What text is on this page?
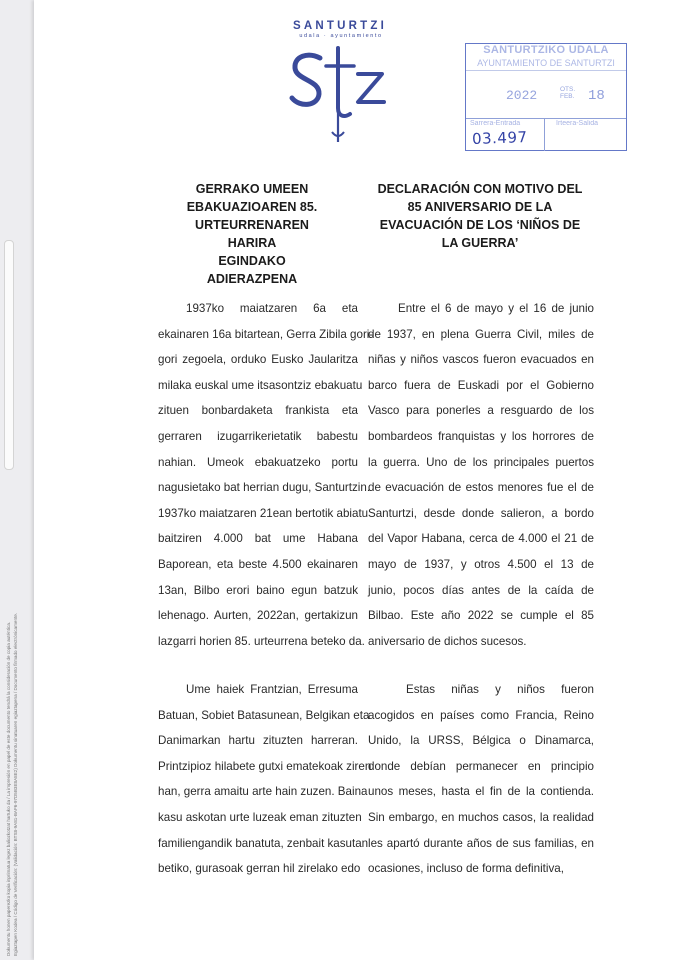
Dokumentu honen paperezko kopia inprimatua legez baliozkotzat hartuko da / La impresión en papel de este documento tendrá la consideración de copia auténtica. Egiaztapen Kodea / Código de Verificación: (Validación: BTS8-9A81-BAF6-97D5B3E8A8E2) Dokumentu sinatuaren egiaztapena / Documento firmado electrónicamente.
SANTURTZI
udala · ayuntamiento
SANTURTZIKO UDALA
AYUNTAMIENTO DE SANTURTZI
2022	OTS.
FEB. 18
Sarrera-Entrada	Irteera-Salida
03.497
GERRAKO UMEEN
EBAKUAZIOAREN 85.
URTEURRENAREN HARIRA
EGINDAKO ADIERAZPENA
DECLARACIÓN CON MOTIVO DEL
85 ANIVERSARIO DE LA
EVACUACIÓN DE LOS ‘NIÑOS DE
LA GUERRA’
1937ko maiatzaren 6a eta
ekainaren 16a bitartean, Gerra Zibila gori-
gori zegoela, orduko Eusko Jaularitza
milaka euskal ume itsasontziz ebakuatu
zituen bonbardaketa frankista eta
gerraren izugarrikerietatik babestu
nahian. Umeok ebakuatzeko portu
nagusietako bat herrian dugu, Santurtzin.
1937ko maiatzaren 21ean bertotik abiatu
baitziren 4.000 bat ume Habana
Baporean, eta beste 4.500 ekainaren
13an, Bilbo erori baino egun batzuk
lehenago. Aurten, 2022an, gertakizun
lazgarri horien 85. urteurrena beteko da.
Entre el 6 de mayo y el 16 de junio
de 1937, en plena Guerra Civil, miles de
niñas y niños vascos fueron evacuados en
barco fuera de Euskadi por el Gobierno
Vasco para ponerles a resguardo de los
bombardeos franquistas y los horrores de
la guerra. Uno de los principales puertos
de evacuación de estos menores fue el de
Santurtzi, desde donde salieron, a bordo
del Vapor Habana, cerca de 4.000 el 21 de
mayo de 1937, y otros 4.500 el 13 de
junio, pocos días antes de la caída de
Bilbao. Este año 2022 se cumple el 85
aniversario de dichos sucesos.
Ume haiek Frantzian, Erresuma
Batuan, Sobiet Batasunean, Belgikan eta
Danimarkan hartu zituzten harreran.
Printzipioz hilabete gutxi ematekoak ziren
han, gerra amaitu arte hain zuzen. Baina
kasu askotan urte luzeak eman zituzten
familiengandik banatuta, zenbait kasutan
betiko, gurasoak gerran hil zirelako edo
Estas niñas y niños fueron
acogidos en países como Francia, Reino
Unido, la URSS, Bélgica o Dinamarca,
donde debían permanecer en principio
unos meses, hasta el fin de la contienda.
Sin embargo, en muchos casos, la realidad
les apartó durante años de sus familias, en
ocasiones, incluso de forma definitiva,
